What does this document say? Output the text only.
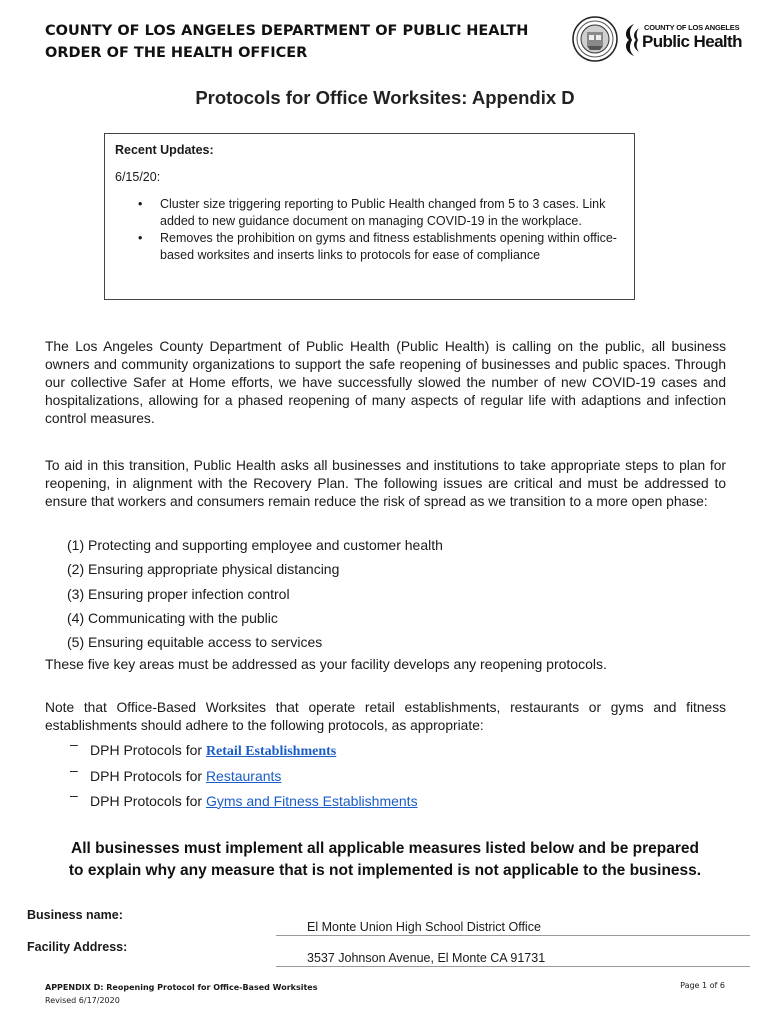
COUNTY OF LOS ANGELES DEPARTMENT OF PUBLIC HEALTH
ORDER OF THE HEALTH OFFICER
COUNTY OF LOS ANGELES
Public Health
Protocols for Office Worksites: Appendix D
Recent Updates:
6/15/20:
• Cluster size triggering reporting to Public Health changed from 5 to 3 cases. Link added to new guidance document on managing COVID-19 in the workplace.
• Removes the prohibition on gyms and fitness establishments opening within office-based worksites and inserts links to protocols for ease of compliance
The Los Angeles County Department of Public Health (Public Health) is calling on the public, all business owners and community organizations to support the safe reopening of businesses and public spaces. Through our collective Safer at Home efforts, we have successfully slowed the number of new COVID-19 cases and hospitalizations, allowing for a phased reopening of many aspects of regular life with adaptions and infection control measures.
To aid in this transition, Public Health asks all businesses and institutions to take appropriate steps to plan for reopening, in alignment with the Recovery Plan. The following issues are critical and must be addressed to ensure that workers and consumers remain reduce the risk of spread as we transition to a more open phase:
(1) Protecting and supporting employee and customer health
(2) Ensuring appropriate physical distancing
(3) Ensuring proper infection control
(4) Communicating with the public
(5) Ensuring equitable access to services
These five key areas must be addressed as your facility develops any reopening protocols.
Note that Office-Based Worksites that operate retail establishments, restaurants or gyms and fitness establishments should adhere to the following protocols, as appropriate:
– DPH Protocols for Retail Establishments
– DPH Protocols for Restaurants
– DPH Protocols for Gyms and Fitness Establishments
All businesses must implement all applicable measures listed below and be prepared
to explain why any measure that is not implemented is not applicable to the business.
Business name:
El Monte Union High School District Office
Facility Address:
3537 Johnson Avenue, El Monte CA 91731
APPENDIX D: Reopening Protocol for Office-Based Worksites
Revised 6/17/2020
Page 1 of 6
